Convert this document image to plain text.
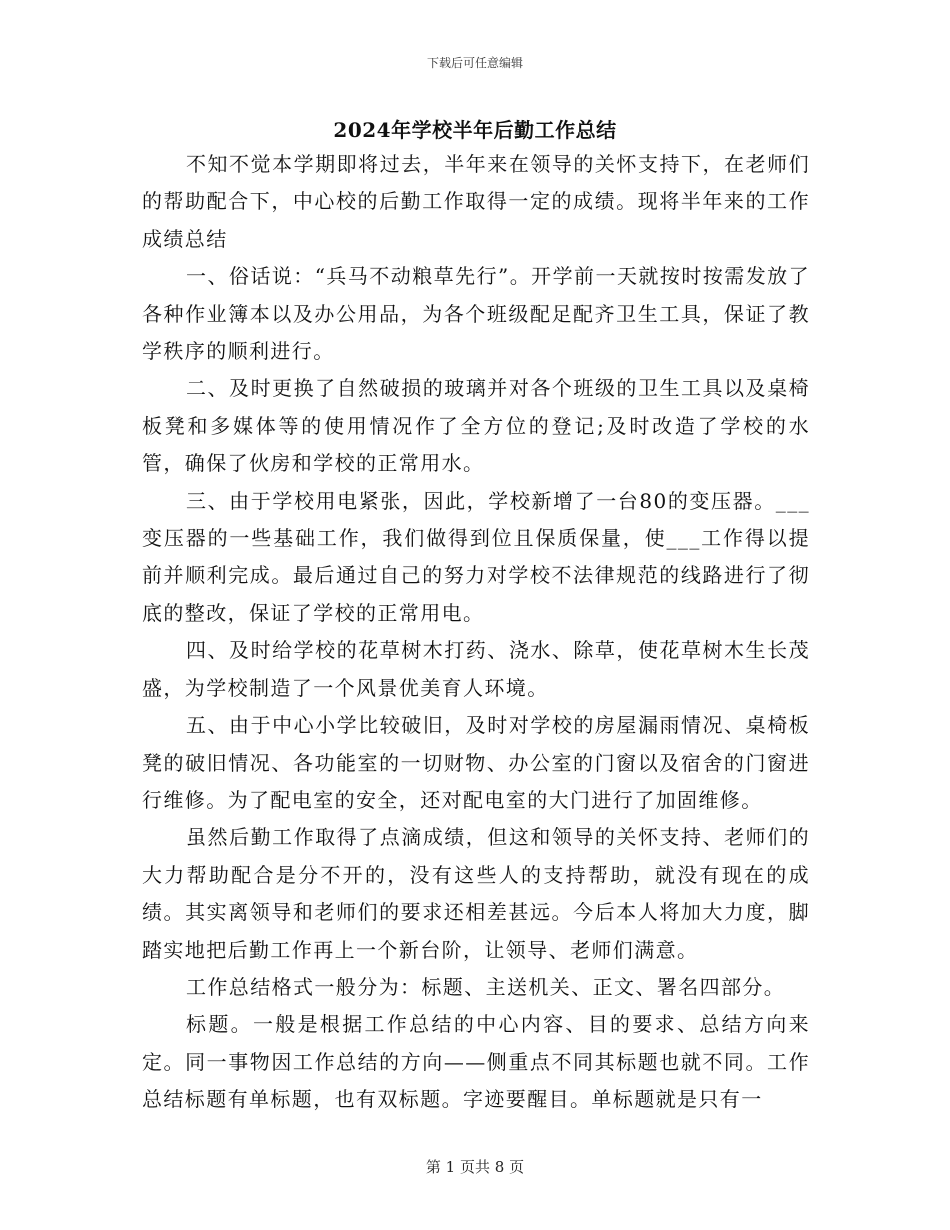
下载后可任意编辑
2024年学校半年后勤工作总结

不知不觉本学期即将过去，半年来在领导的关怀支持下，在老师们的帮助配合下，中心校的后勤工作取得一定的成绩。现将半年来的工作成绩总结

一、俗话说：“兵马不动粮草先行”。开学前一天就按时按需发放了各种作业簿本以及办公用品，为各个班级配足配齐卫生工具，保证了教学秩序的顺利进行。

二、及时更换了自然破损的玻璃并对各个班级的卫生工具以及桌椅板凳和多媒体等的使用情况作了全方位的登记;及时改造了学校的水管，确保了伙房和学校的正常用水。

三、由于学校用电紧张，因此，学校新增了一台80的变压器。___变压器的一些基础工作，我们做得到位且保质保量，使___工作得以提前并顺利完成。最后通过自己的努力对学校不法律规范的线路进行了彻底的整改，保证了学校的正常用电。

四、及时给学校的花草树木打药、浇水、除草，使花草树木生长茂盛，为学校制造了一个风景优美育人环境。

五、由于中心小学比较破旧，及时对学校的房屋漏雨情况、桌椅板凳的破旧情况、各功能室的一切财物、办公室的门窗以及宿舍的门窗进行维修。为了配电室的安全，还对配电室的大门进行了加固维修。

虽然后勤工作取得了点滴成绩，但这和领导的关怀支持、老师们的大力帮助配合是分不开的，没有这些人的支持帮助，就没有现在的成绩。其实离领导和老师们的要求还相差甚远。今后本人将加大力度，脚踏实地把后勤工作再上一个新台阶，让领导、老师们满意。

工作总结格式一般分为：标题、主送机关、正文、署名四部分。

标题。一般是根据工作总结的中心内容、目的要求、总结方向来定。同一事物因工作总结的方向——侧重点不同其标题也就不同。工作总结标题有单标题，也有双标题。字迹要醒目。单标题就是只有一

第 1 页共 8 页
